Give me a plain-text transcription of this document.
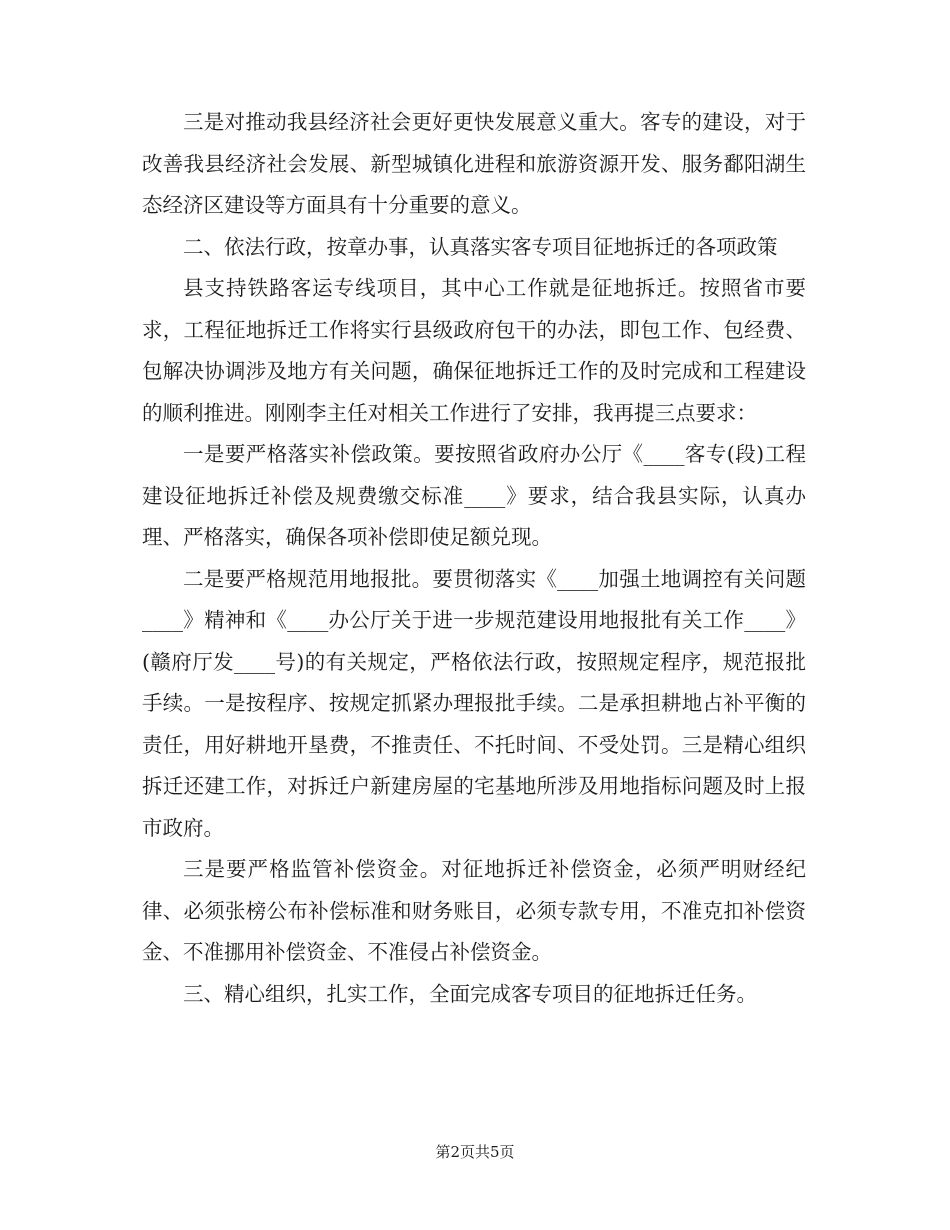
三是对推动我县经济社会更好更快发展意义重大。客专的建设，对于改善我县经济社会发展、新型城镇化进程和旅游资源开发、服务鄱阳湖生态经济区建设等方面具有十分重要的意义。

二、依法行政，按章办事，认真落实客专项目征地拆迁的各项政策

县支持铁路客运专线项目，其中心工作就是征地拆迁。按照省市要求，工程征地拆迁工作将实行县级政府包干的办法，即包工作、包经费、包解决协调涉及地方有关问题，确保征地拆迁工作的及时完成和工程建设的顺利推进。刚刚李主任对相关工作进行了安排，我再提三点要求：

一是要严格落实补偿政策。要按照省政府办公厅《____客专(段)工程建设征地拆迁补偿及规费缴交标准____》要求，结合我县实际，认真办理、严格落实，确保各项补偿即使足额兑现。

二是要严格规范用地报批。要贯彻落实《____加强土地调控有关问题____》精神和《____办公厅关于进一步规范建设用地报批有关工作____》(赣府厅发____号)的有关规定，严格依法行政，按照规定程序，规范报批手续。一是按程序、按规定抓紧办理报批手续。二是承担耕地占补平衡的责任，用好耕地开垦费，不推责任、不托时间、不受处罚。三是精心组织拆迁还建工作，对拆迁户新建房屋的宅基地所涉及用地指标问题及时上报市政府。

三是要严格监管补偿资金。对征地拆迁补偿资金，必须严明财经纪律、必须张榜公布补偿标准和财务账目，必须专款专用，不准克扣补偿资金、不准挪用补偿资金、不准侵占补偿资金。

三、精心组织，扎实工作，全面完成客专项目的征地拆迁任务。

第2页共5页
